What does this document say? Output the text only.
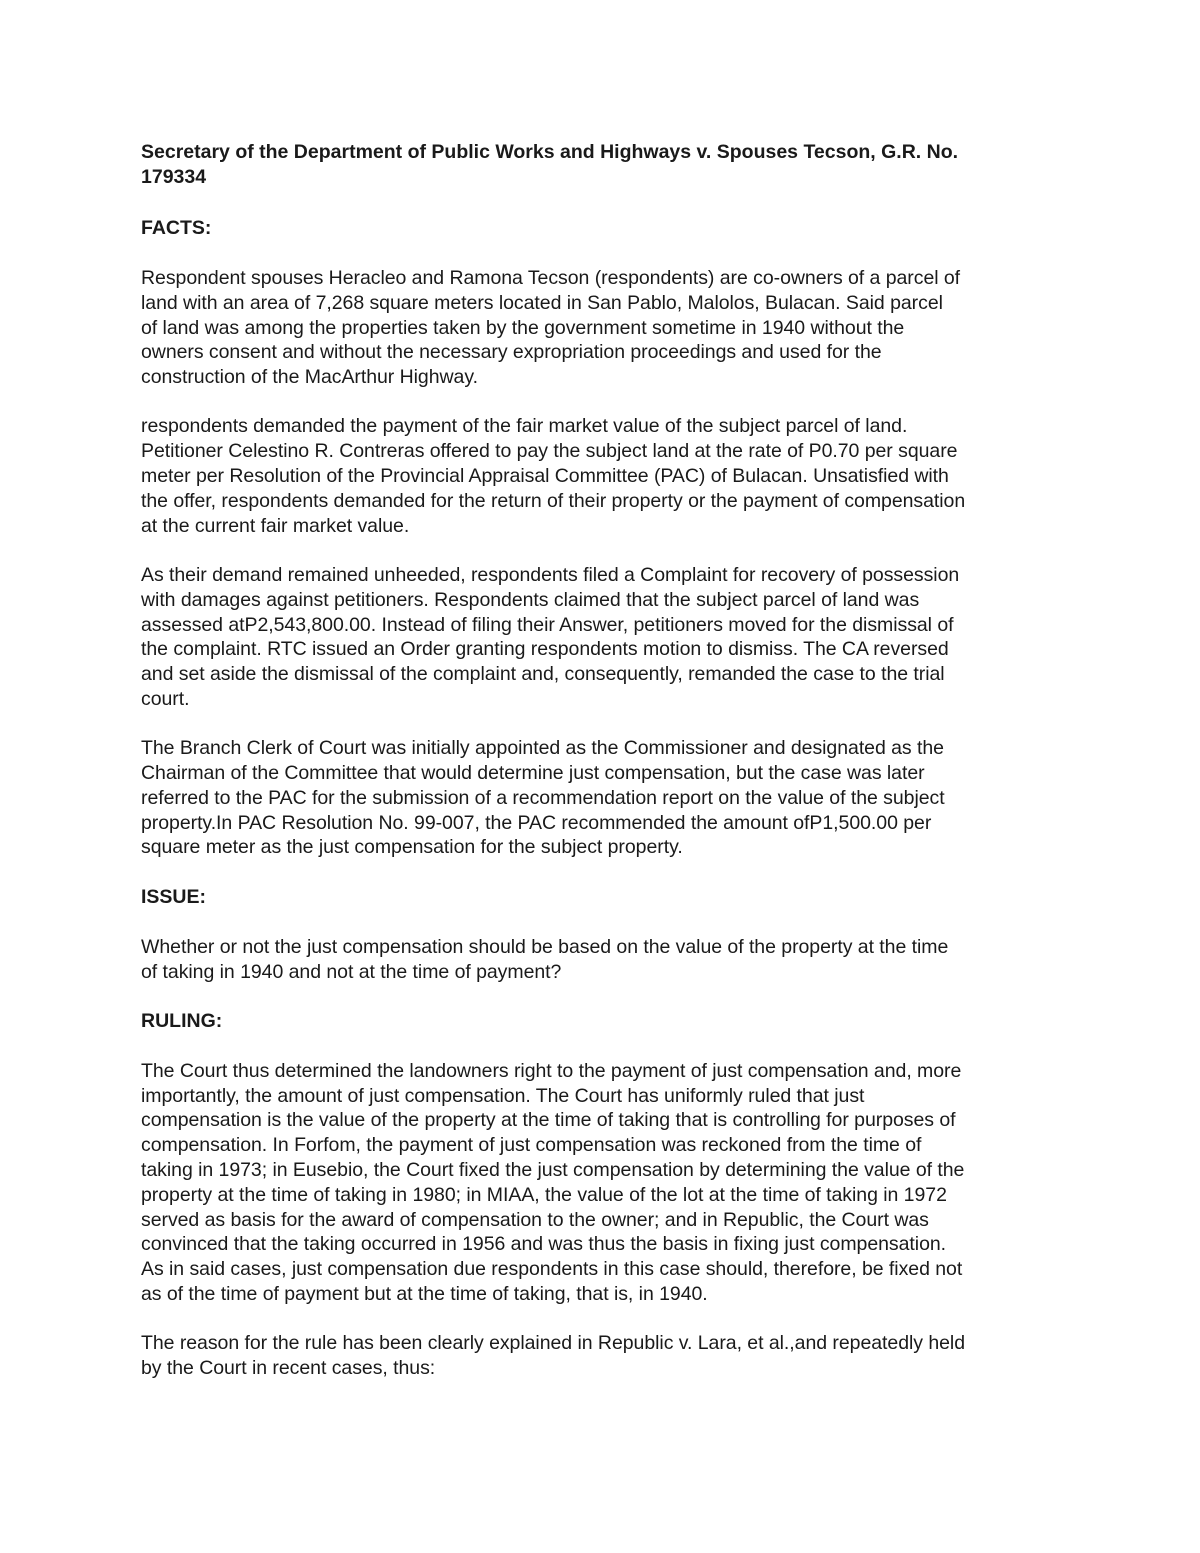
Secretary of the Department of Public Works and Highways v. Spouses Tecson, G.R. No.
179334
FACTS:
Respondent spouses Heracleo and Ramona Tecson (respondents) are co-owners of a parcel of
land with an area of 7,268 square meters located in San Pablo, Malolos, Bulacan. Said parcel
of land was among the properties taken by the government sometime in 1940 without the
owners consent and without the necessary expropriation proceedings and used for the
construction of the MacArthur Highway.
respondents demanded the payment of the fair market value of the subject parcel of land.
Petitioner Celestino R. Contreras offered to pay the subject land at the rate of P0.70 per square
meter per Resolution of the Provincial Appraisal Committee (PAC) of Bulacan. Unsatisfied with
the offer, respondents demanded for the return of their property or the payment of compensation
at the current fair market value.
As their demand remained unheeded, respondents filed a Complaint for recovery of possession
with damages against petitioners. Respondents claimed that the subject parcel of land was
assessed atP2,543,800.00. Instead of filing their Answer, petitioners moved for the dismissal of
the complaint. RTC issued an Order granting respondents motion to dismiss. The CA reversed
and set aside the dismissal of the complaint and, consequently, remanded the case to the trial
court.
The Branch Clerk of Court was initially appointed as the Commissioner and designated as the
Chairman of the Committee that would determine just compensation, but the case was later
referred to the PAC for the submission of a recommendation report on the value of the subject
property.In PAC Resolution No. 99-007, the PAC recommended the amount ofP1,500.00 per
square meter as the just compensation for the subject property.
ISSUE:
Whether or not the just compensation should be based on the value of the property at the time
of taking in 1940 and not at the time of payment?
RULING:
The Court thus determined the landowners right to the payment of just compensation and, more
importantly, the amount of just compensation. The Court has uniformly ruled that just
compensation is the value of the property at the time of taking that is controlling for purposes of
compensation. In Forfom, the payment of just compensation was reckoned from the time of
taking in 1973; in Eusebio, the Court fixed the just compensation by determining the value of the
property at the time of taking in 1980; in MIAA, the value of the lot at the time of taking in 1972
served as basis for the award of compensation to the owner; and in Republic, the Court was
convinced that the taking occurred in 1956 and was thus the basis in fixing just compensation.
As in said cases, just compensation due respondents in this case should, therefore, be fixed not
as of the time of payment but at the time of taking, that is, in 1940.
The reason for the rule has been clearly explained in Republic v. Lara, et al.,and repeatedly held
by the Court in recent cases, thus:
